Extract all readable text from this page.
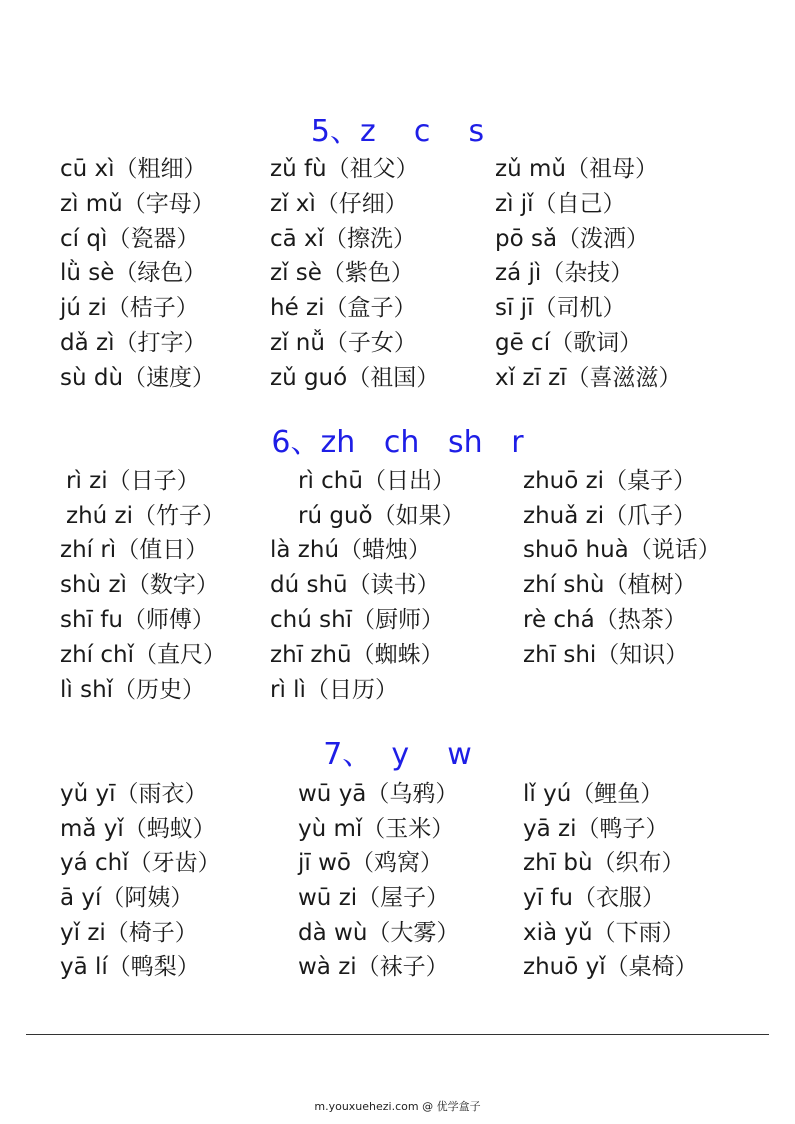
5、z    c    s
cū xì（粗细）	zǔ fù（祖父）	zǔ mǔ（祖母）
zì mǔ（字母） zǐ xì（仔细）	zì jǐ（自己）
cí qì（瓷器）	cā xǐ（擦洗）	pō sǎ（泼洒）
lǜ sè（绿色）	zǐ sè（紫色）	zá jì（杂技）
jú zi（桔子）	hé zi（盒子）	sī jī（司机）
dǎ zì（打字）	zǐ nǚ（子女）	gē cí（歌词）
sù dù（速度） zǔ guó（祖国） xǐ zī zī（喜滋滋）
6、zh   ch   sh   r
rì zi（日子）	rì chū（日出）	zhuō zi（桌子）
zhú zi（竹子）	rú guǒ（如果）	zhuǎ zi（爪子）
zhí rì（值日）	là zhú（蜡烛）	shuō huà（说话）
shù zì（数字） dú shū（读书）	zhí shù（植树）
shī fu（师傅） chú shī（厨师）	rè chá（热茶）
zhí chǐ（直尺） zhī zhū（蜘蛛）	zhī shi（知识）
lì shǐ（历史）	rì lì（日历）
7、  y    w
yǔ yī（雨衣）	wū yā（乌鸦）	lǐ yú（鲤鱼）
mǎ yǐ（蚂蚁）	yù mǐ（玉米）	yā zi（鸭子）
yá chǐ（牙齿）	jī wō（鸡窝）	zhī bù（织布）
ā yí（阿姨）	wū zi（屋子）	yī fu（衣服）
yǐ zi（椅子）	dà wù（大雾）	xià yǔ（下雨）
yā lí（鸭梨）	wà zi（袜子）	zhuō yǐ（桌椅）
m.youxuehezi.com @ 优学盒子
